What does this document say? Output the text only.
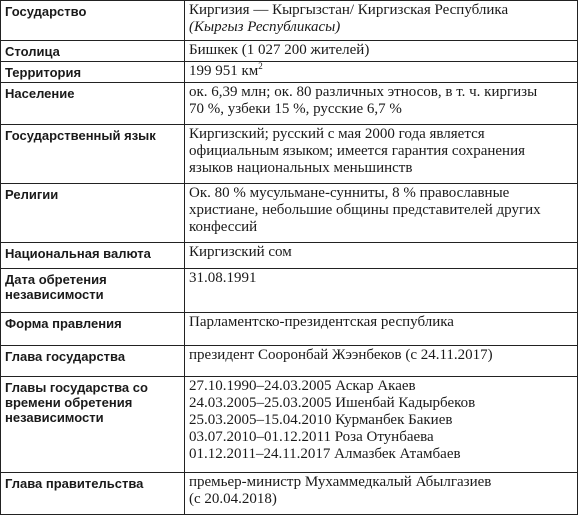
Государство	Киргизия — Кыргызстан/ Киргизская Республика
(Кыргыз Республикасы)

Столица	Бишкек (1 027 200 жителей)
Территория	199 951 $км^2$
Население	ок. 6,39 млн; ок. 80 различных этносов, в т. ч. киргизы
70 %, узбеки 15 %, русские 6,7 %

Государственный язык	Киргизский; русский с мая 2000 года является
официальным языком; имеется гарантия сохранения
языков национальных меньшинств

Религии	Ок. 80 % мусульмане-сунниты, 8 % православные
христиане, небольшие общины представителей других
конфессий

Национальная валюта	Киргизский сом

Дата обретения
независимости	31.08.1991
Форма правления	Парламентско-президентская республика
Глава государства	президент Сооронбай Жээнбеков (с 24.11.2017)

Главы государства со
времени обретения
независимости	27.10.1990–24.03.2005 Аскар Акаев
24.03.2005–25.03.2005 Ишенбай Кадырбеков
25.03.2005–15.04.2010 Курманбек Бакиев
03.07.2010–01.12.2011 Роза Отунбаева
01.12.2011–24.11.2017 Алмазбек Атамбаев

Глава правительства	премьер-министр Мухаммедкалый Абылгазиев
(с 20.04.2018)
